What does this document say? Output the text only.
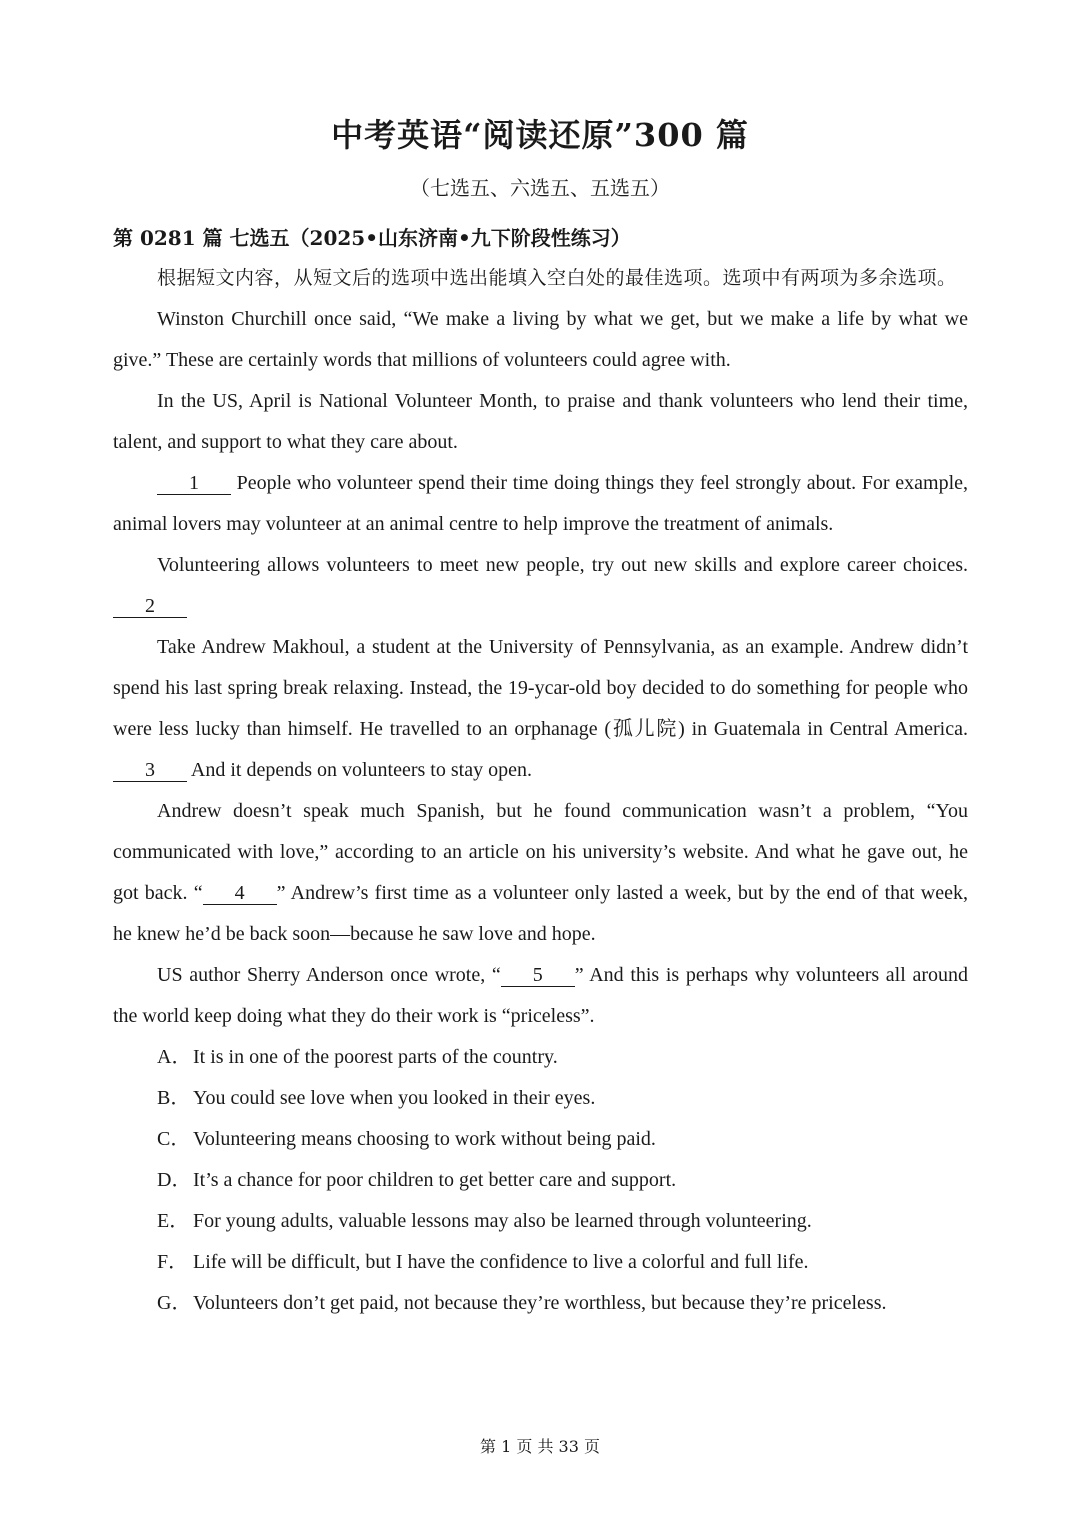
中考英语“阅读还原”300 篇
（七选五、六选五、五选五）
第 0281 篇 七选五（2025•山东济南•九下阶段性练习）

根据短文内容，从短文后的选项中选出能填入空白处的最佳选项。选项中有两项为多余选项。

Winston Churchill once said, “We make a living by what we get, but we make a life by what we give.” These are certainly words that millions of volunteers could agree with.

In the US, April is National Volunteer Month, to praise and thank volunteers who lend their time, talent, and support to what they care about.

1 People who volunteer spend their time doing things they feel strongly about. For example, animal lovers may volunteer at an animal centre to help improve the treatment of animals.

Volunteering allows volunteers to meet new people, try out new skills and explore career choices. 2

Take Andrew Makhoul, a student at the University of Pennsylvania, as an example. Andrew didn’t spend his last spring break relaxing. Instead, the 19-ycar-old boy decided to do something for people who were less lucky than himself. He travelled to an orphanage (孤儿院) in Guatemala in Central America. 3 And it depends on volunteers to stay open.

Andrew doesn’t speak much Spanish, but he found communication wasn’t a problem, “You communicated with love,” according to an article on his university’s website. And what he gave out, he got back. “ 4 ” Andrew’s first time as a volunteer only lasted a week, but by the end of that week, he knew he’d be back soon—because he saw love and hope.

US author Sherry Anderson once wrote, “ 5 ” And this is perhaps why volunteers all around the world keep doing what they do their work is “priceless”.

A．It is in one of the poorest parts of the country.
B． You could see love when you looked in their eyes.
C． Volunteering means choosing to work without being paid.
D．It’s a chance for poor children to get better care and support.
E． For young adults, valuable lessons may also be learned through volunteering.
F． Life will be difficult, but I have the confidence to live a colorful and full life.
G．Volunteers don’t get paid, not because they’re worthless, but because they’re priceless.
第 1 页 共 33 页
